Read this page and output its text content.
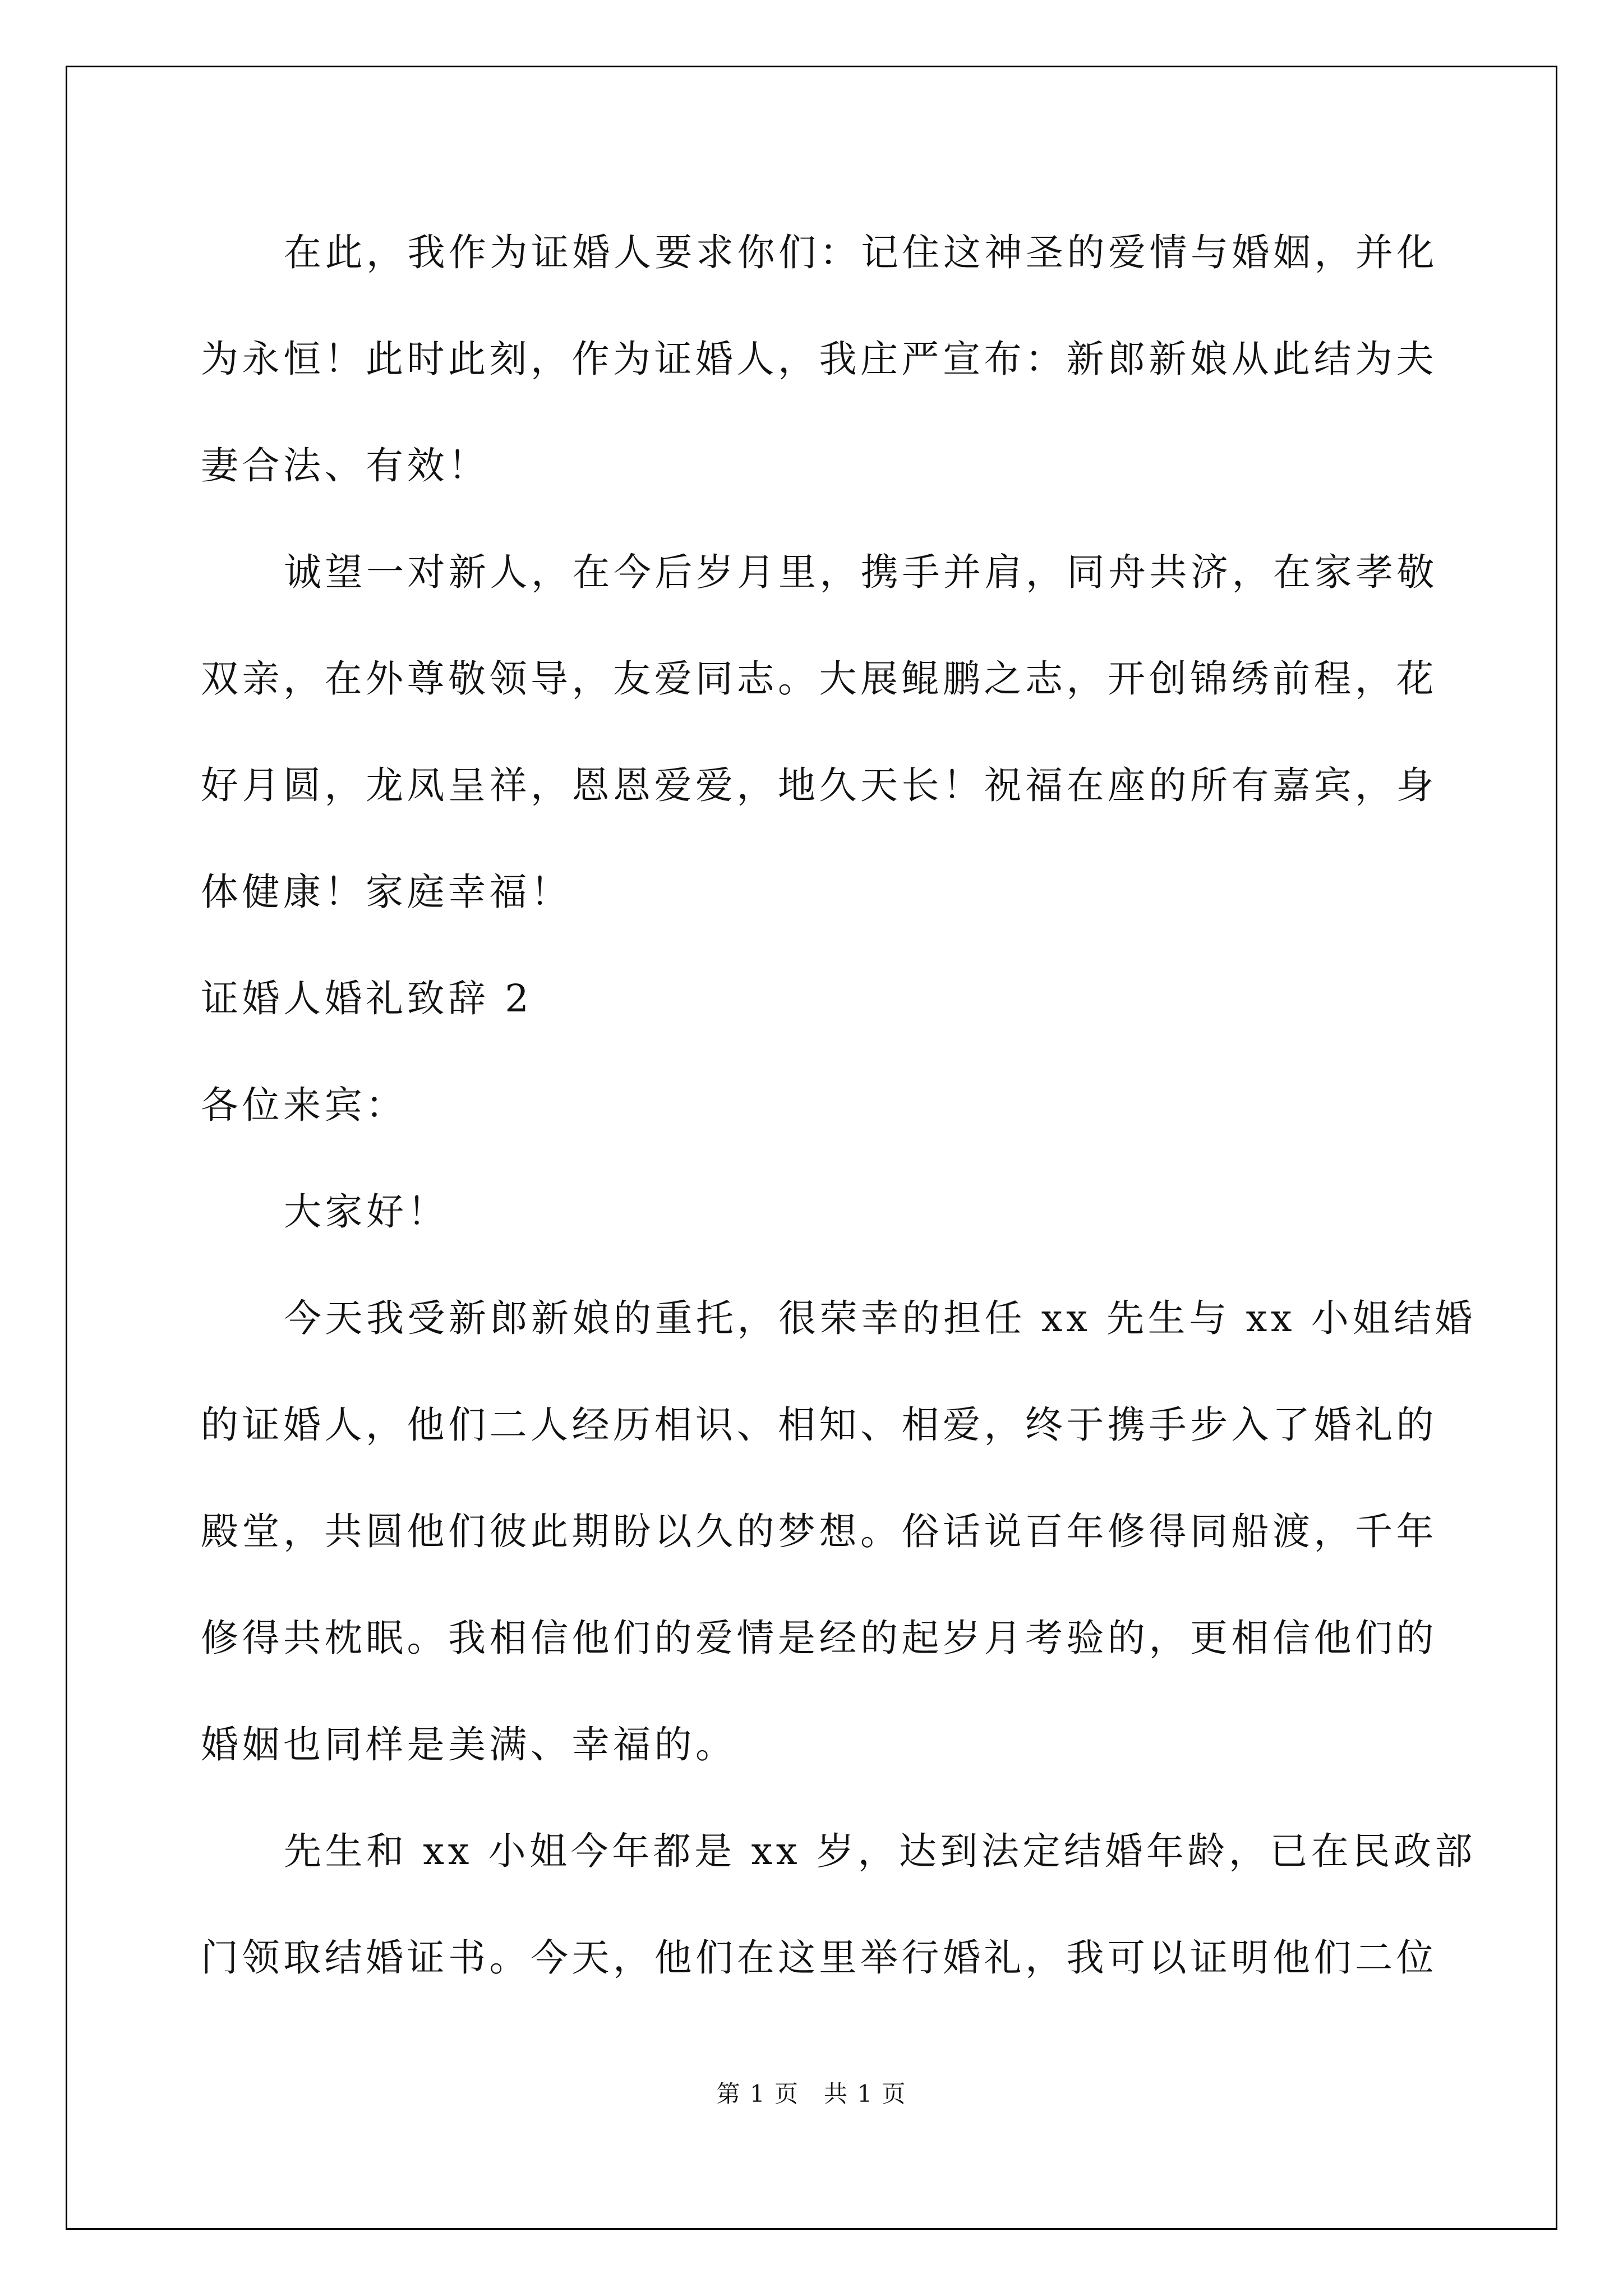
在此，我作为证婚人要求你们：记住这神圣的爱情与婚姻，并化

为永恒！此时此刻，作为证婚人，我庄严宣布：新郎新娘从此结为夫

妻合法、有效！

诚望一对新人，在今后岁月里，携手并肩，同舟共济，在家孝敬

双亲，在外尊敬领导，友爱同志。大展鲲鹏之志，开创锦绣前程，花

好月圆，龙凤呈祥，恩恩爱爱，地久天长！祝福在座的所有嘉宾，身

体健康！家庭幸福！

证婚人婚礼致辞 2

各位来宾：

大家好！

今天我受新郎新娘的重托，很荣幸的担任 xx 先生与 xx 小姐结婚

的证婚人，他们二人经历相识、相知、相爱，终于携手步入了婚礼的

殿堂，共圆他们彼此期盼以久的梦想。俗话说百年修得同船渡，千年

修得共枕眠。我相信他们的爱情是经的起岁月考验的，更相信他们的

婚姻也同样是美满、幸福的。

先生和 xx 小姐今年都是 xx 岁，达到法定结婚年龄，已在民政部

门领取结婚证书。今天，他们在这里举行婚礼，我可以证明他们二位

第 1 页　共 1 页
